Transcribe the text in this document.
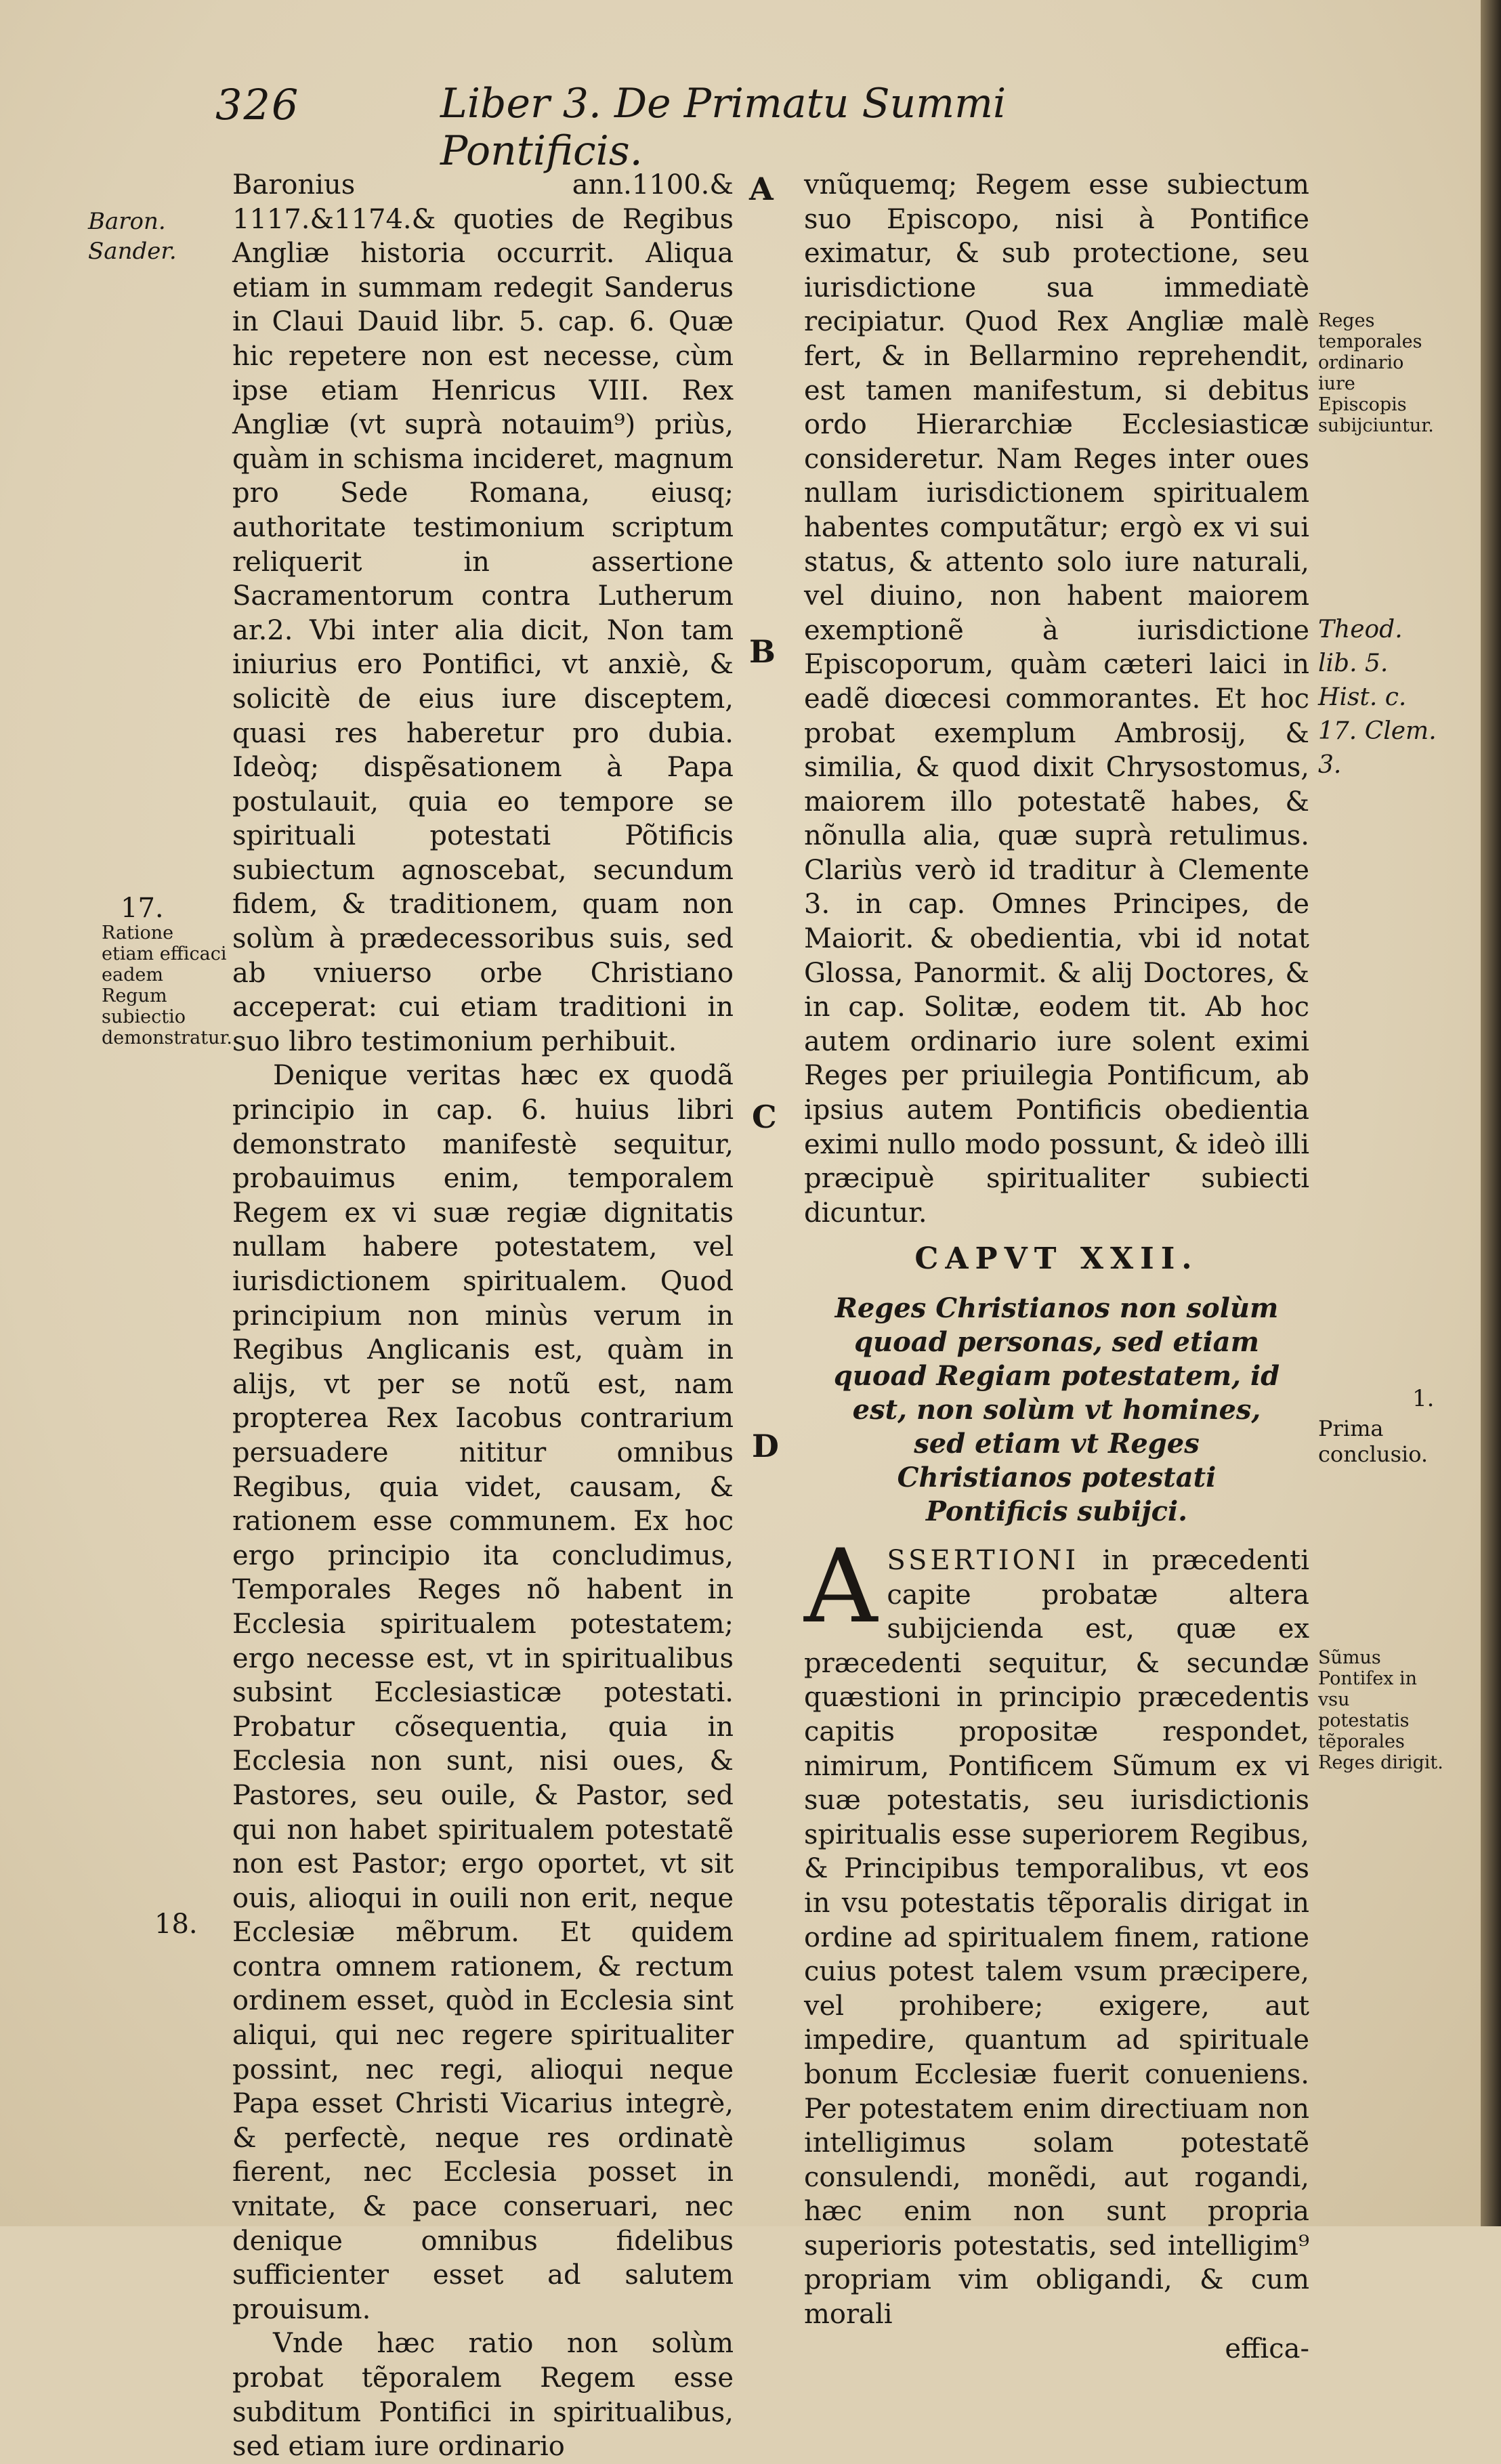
326	Liber 3. De Primatu Summi Pontificis.
Baron. Sander.
17.
Ratione etiam efficaci eadem Regum subiectio demonstratur.
18.
A
B
C
D
Reges temporales ordinario iure Episcopis subijciuntur.
Theod. lib. 5. Hist. c. 17. Clem. 3.
1.
Prima conclusio.
Sũmus Pontifex in vsu potestatis tẽporales Reges dirigit.

Baronius ann.1100.& 1117.&1174.& quoties de Regibus Angliæ historia occurrit. Aliqua etiam in summam redegit Sanderus in Claui Dauid libr. 5. cap. 6. Quæ hic repetere non est necesse, cùm ipse etiam Henricus VIII. Rex Angliæ (vt suprà notauim⁹) priùs, quàm in schisma incideret, magnum pro Sede Romana, eiusq; authoritate testimonium scriptum reliquerit in assertione Sacramentorum contra Lutherum ar.2. Vbi inter alia dicit, Non tam iniurius ero Pontifici, vt anxiè, & solicitè de eius iure disceptem, quasi res haberetur pro dubia. Ideòq; dispẽsationem à Papa postulauit, quia eo tempore se spirituali potestati Põtificis subiectum agnoscebat, secundum fidem, & traditionem, quam non solùm à prædecessoribus suis, sed ab vniuerso orbe Christiano acceperat: cui etiam traditioni in suo libro testimonium perhibuit.

Denique veritas hæc ex quodã principio in cap. 6. huius libri demonstrato manifestè sequitur, probauimus enim, temporalem Regem ex vi suæ regiæ dignitatis nullam habere potestatem, vel iurisdictionem spiritualem. Quod principium non minùs verum in Regibus Anglicanis est, quàm in alijs, vt per se notũ est, nam propterea Rex Iacobus contrarium persuadere nititur omnibus Regibus, quia videt, causam, & rationem esse communem. Ex hoc ergo principio ita concludimus, Temporales Reges nõ habent in Ecclesia spiritualem potestatem; ergo necesse est, vt in spiritualibus subsint Ecclesiasticæ potestati. Probatur cõsequentia, quia in Ecclesia non sunt, nisi oues, & Pastores, seu ouile, & Pastor, sed qui non habet spiritualem potestatẽ non est Pastor; ergo oportet, vt sit ouis, alioqui in ouili non erit, neque Ecclesiæ mẽbrum. Et quidem contra omnem rationem, & rectum ordinem esset, quòd in Ecclesia sint aliqui, qui nec regere spiritualiter possint, nec regi, alioqui neque Papa esset Christi Vicarius integrè, & perfectè, neque res ordinatè fierent, nec Ecclesia posset in vnitate, & pace conseruari, nec denique omnibus fidelibus sufficienter esset ad salutem prouisum.

Vnde hæc ratio non solùm probat tẽporalem Regem esse subditum Pontifici in spiritualibus, sed etiam iure ordinario

vnũquemq; Regem esse subiectum suo Episcopo, nisi à Pontifice eximatur, & sub protectione, seu iurisdictione sua immediatè recipiatur. Quod Rex Angliæ malè fert, & in Bellarmino reprehendit, est tamen manifestum, si debitus ordo Hierarchiæ Ecclesiasticæ consideretur. Nam Reges inter oues nullam iurisdictionem spiritualem habentes computãtur; ergò ex vi sui status, & attento solo iure naturali, vel diuino, non habent maiorem exemptionẽ à iurisdictione Episcoporum, quàm cæteri laici in eadẽ diœcesi commorantes. Et hoc probat exemplum Ambrosij, & similia, & quod dixit Chrysostomus, maiorem illo potestatẽ habes, & nõnulla alia, quæ suprà retulimus. Clariùs verò id traditur à Clemente 3. in cap. Omnes Principes, de Maiorit. & obedientia, vbi id notat Glossa, Panormit. & alij Doctores, & in cap. Solitæ, eodem tit. Ab hoc autem ordinario iure solent eximi Reges per priuilegia Pontificum, ab ipsius autem Pontificis obedientia eximi nullo modo possunt, & ideò illi præcipuè spiritualiter subiecti dicuntur.

CAPVT XXII.
Reges Christianos non solùm quoad personas, sed etiam quoad Regiam potestatem, id est, non solùm vt homines, sed etiam vt Reges Christianos potestati Pontificis subijci.

ASSERTIONI in præcedenti capite probatæ altera subijcienda est, quæ ex præcedenti sequitur, & secundæ quæstioni in principio præcedentis capitis propositæ respondet, nimirum, Pontificem Sũmum ex vi suæ potestatis, seu iurisdictionis spiritualis esse superiorem Regibus, & Principibus temporalibus, vt eos in vsu potestatis tẽporalis dirigat in ordine ad spiritualem finem, ratione cuius potest talem vsum præcipere, vel prohibere; exigere, aut impedire, quantum ad spirituale bonum Ecclesiæ fuerit conueniens. Per potestatem enim directiuam non intelligimus solam potestatẽ consulendi, monẽdi, aut rogandi, hæc enim non sunt propria superioris potestatis, sed intelligim⁹ propriam vim obligandi, & cum morali

effica-
